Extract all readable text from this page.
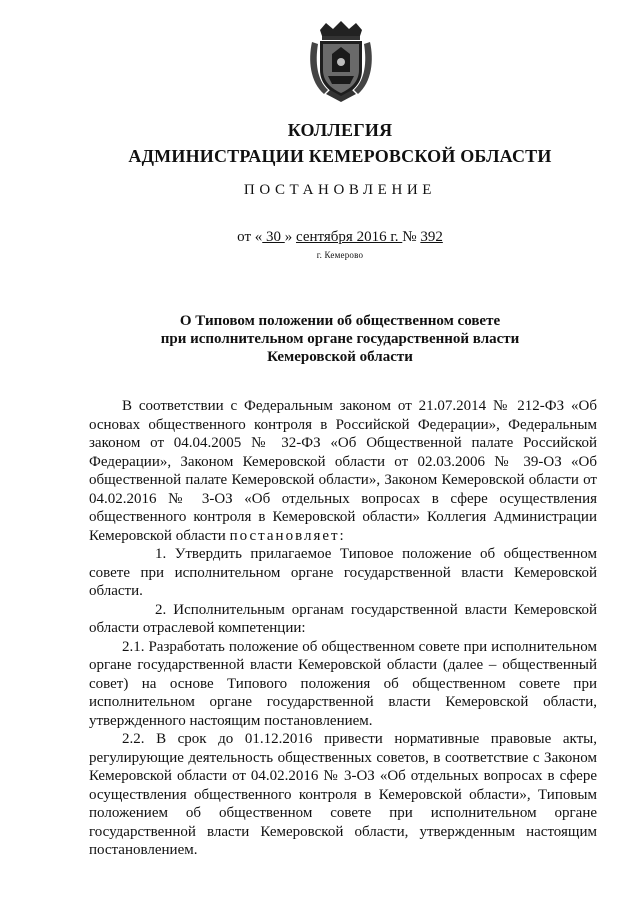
КОЛЛЕГИЯ
АДМИНИСТРАЦИИ КЕМЕРОВСКОЙ ОБЛАСТИ
ПОСТАНОВЛЕНИЕ
от « 30 » сентября 2016 г. № 392
г. Кемерово
О Типовом положении об общественном совете
при исполнительном органе государственной власти
Кемеровской области

В соответствии с Федеральным законом от 21.07.2014 № 212-ФЗ «Об основах общественного контроля в Российской Федерации», Федеральным законом от 04.04.2005 № 32-ФЗ «Об Общественной палате Российской Федерации», Законом Кемеровской области от 02.03.2006 № 39-ОЗ «Об общественной палате Кемеровской области», Законом Кемеровской области от 04.02.2016 № 3-ОЗ «Об отдельных вопросах в сфере осуществления общественного контроля в Кемеровской области» Коллегия Администрации Кемеровской области постановляет:

1. Утвердить прилагаемое Типовое положение об общественном совете при исполнительном органе государственной власти Кемеровской области.

2. Исполнительным органам государственной власти Кемеровской области отраслевой компетенции:

2.1. Разработать положение об общественном совете при исполнительном органе государственной власти Кемеровской области (далее – общественный совет) на основе Типового положения об общественном совете при исполнительном органе государственной власти Кемеровской области, утвержденного настоящим постановлением.

2.2. В срок до 01.12.2016 привести нормативные правовые акты, регулирующие деятельность общественных советов, в соответствие с Законом Кемеровской области от 04.02.2016 № 3-ОЗ «Об отдельных вопросах в сфере осуществления общественного контроля в Кемеровской области», Типовым положением об общественном совете при исполнительном органе государственной власти Кемеровской области, утвержденным настоящим постановлением.
